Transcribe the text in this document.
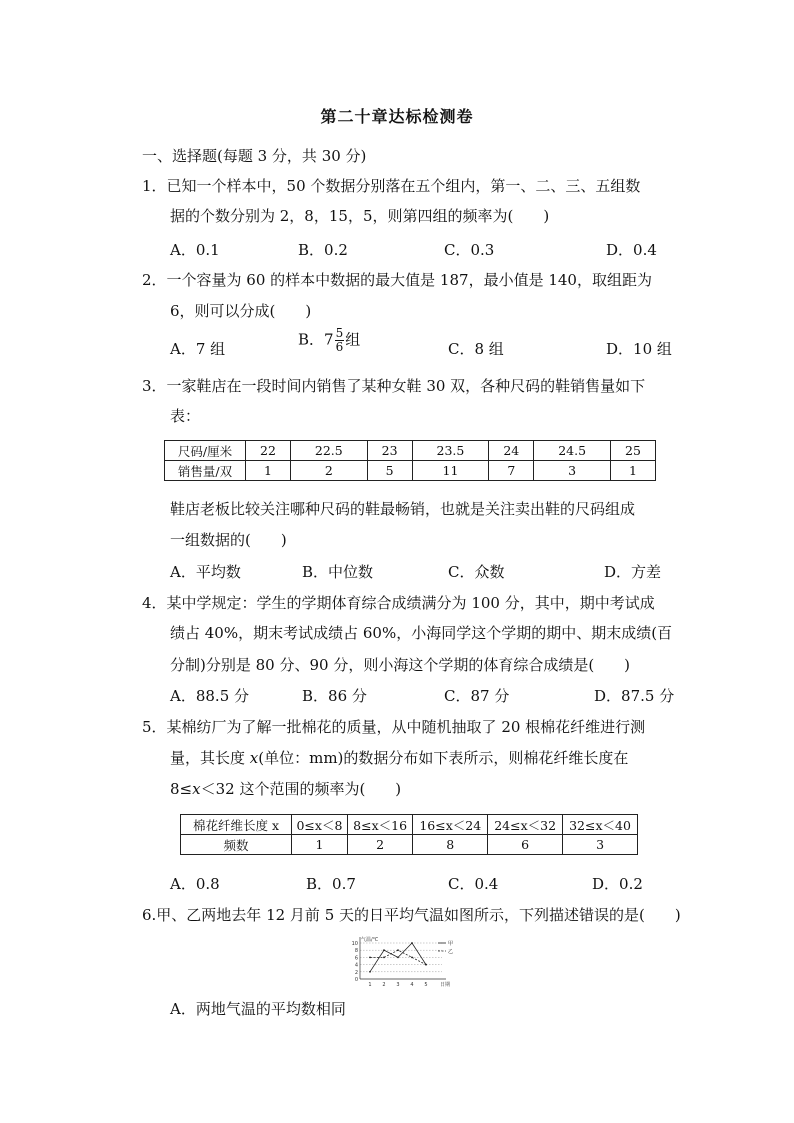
第二十章达标检测卷
一、选择题(每题 3 分，共 30 分)
1．已知一个样本中，50 个数据分别落在五个组内，第一、二、三、五组数
据的个数分别为 2，8，15，5，则第四组的频率为(　　)
A．0.1	B．0.2	C．0.3	D．0.4
2．一个容量为 60 的样本中数据的最大值是 187，最小值是 140，取组距为
6，则可以分成(　　)
A．7 组
B．$7 \frac{5}{6}$ 组
C．8 组	D．10 组
3．一家鞋店在一段时间内销售了某种女鞋 30 双，各种尺码的鞋销售量如下
表：
尺码/厘米	22	22.5	23	23.5	24	24.5	25
销售量/双	1	2	5	11	7	3	1
鞋店老板比较关注哪种尺码的鞋最畅销，也就是关注卖出鞋的尺码组成
一组数据的(　　)
A．平均数	B．中位数	C．众数	D．方差
4．某中学规定：学生的学期体育综合成绩满分为 100 分，其中，期中考试成
绩占 40%，期末考试成绩占 60%，小海同学这个学期的期中、期末成绩(百
分制)分别是 80 分、90 分，则小海这个学期的体育综合成绩是(　　)
A．88.5 分	B．86 分	C．87 分	D．87.5 分
5．某棉纺厂为了解一批棉花的质量，从中随机抽取了 20 根棉花纤维进行测
量，其长度 x(单位：mm)的数据分布如下表所示，则棉花纤维长度在
8≤x＜32 这个范围的频率为(　　)
棉花纤维长度 x	0≤x＜8	8≤x＜16	16≤x＜24	24≤x＜32	32≤x＜40
频数	1	2	8	6	3
A．0.8	B．0.7	C．0.4	D．0.2
6.甲、乙两地去年 12 月前 5 天的日平均气温如图所示，下列描述错误的是(　　)
10
8
6
4
2
0
1 2 3 4 5
气温/℃
日期
甲
乙
A．两地气温的平均数相同
